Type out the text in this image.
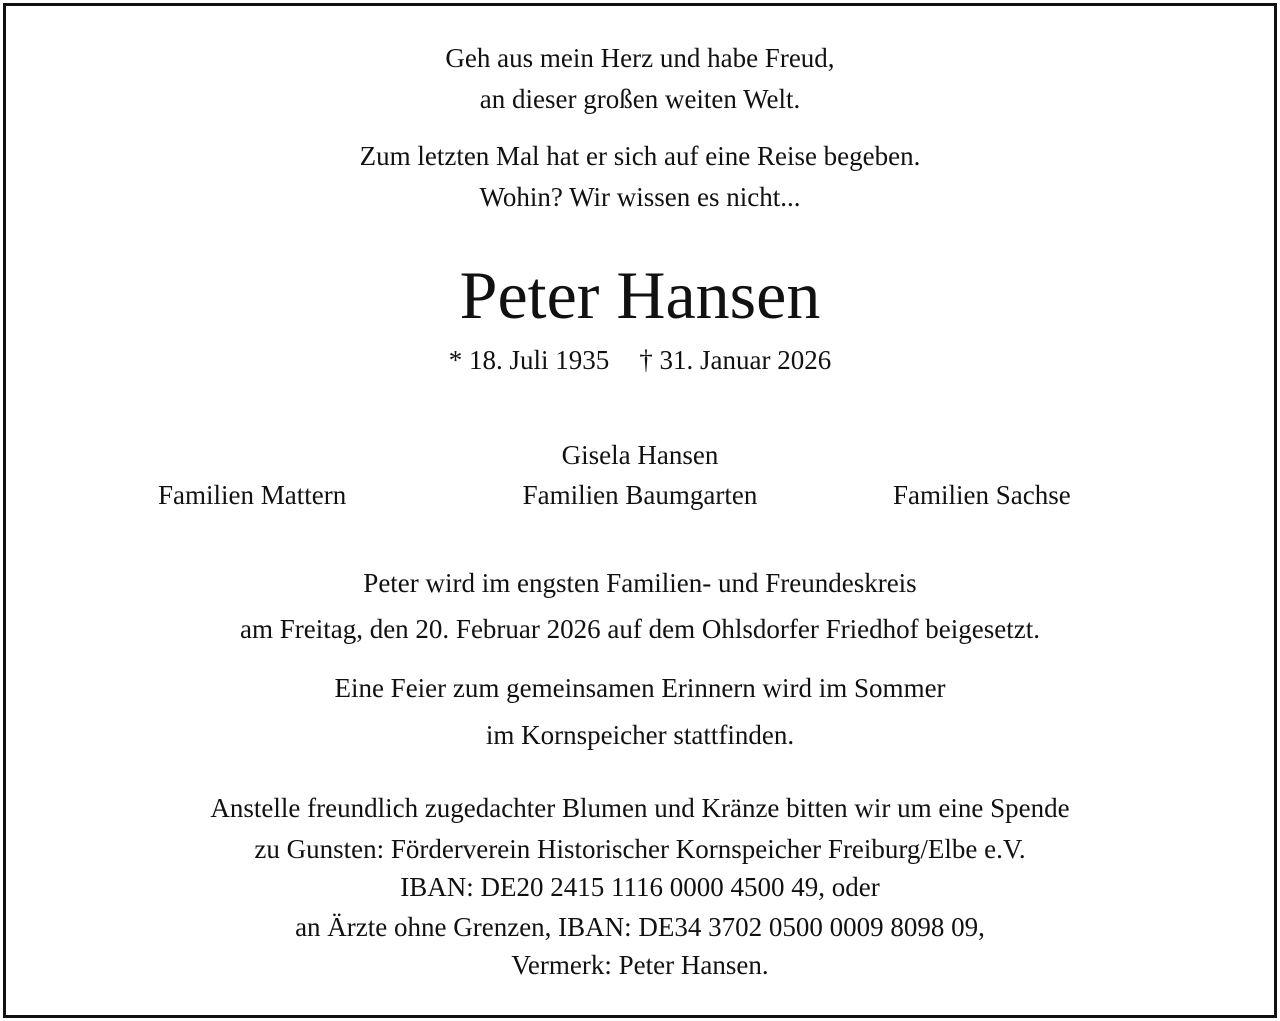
Geh aus mein Herz und habe Freud,
an dieser großen weiten Welt.
Zum letzten Mal hat er sich auf eine Reise begeben.
Wohin? Wir wissen es nicht...
Peter Hansen
* 18. Juli 1935 † 31. Januar 2026
Gisela Hansen
Familien Mattern	Familien Baumgarten	Familien Sachse
Peter wird im engsten Familien- und Freundeskreis
am Freitag, den 20. Februar 2026 auf dem Ohlsdorfer Friedhof beigesetzt.
Eine Feier zum gemeinsamen Erinnern wird im Sommer
im Kornspeicher stattfinden.
Anstelle freundlich zugedachter Blumen und Kränze bitten wir um eine Spende
zu Gunsten: Förderverein Historischer Kornspeicher Freiburg/Elbe e.V.
IBAN: DE20 2415 1116 0000 4500 49, oder
an Ärzte ohne Grenzen, IBAN: DE34 3702 0500 0009 8098 09,
Vermerk: Peter Hansen.
